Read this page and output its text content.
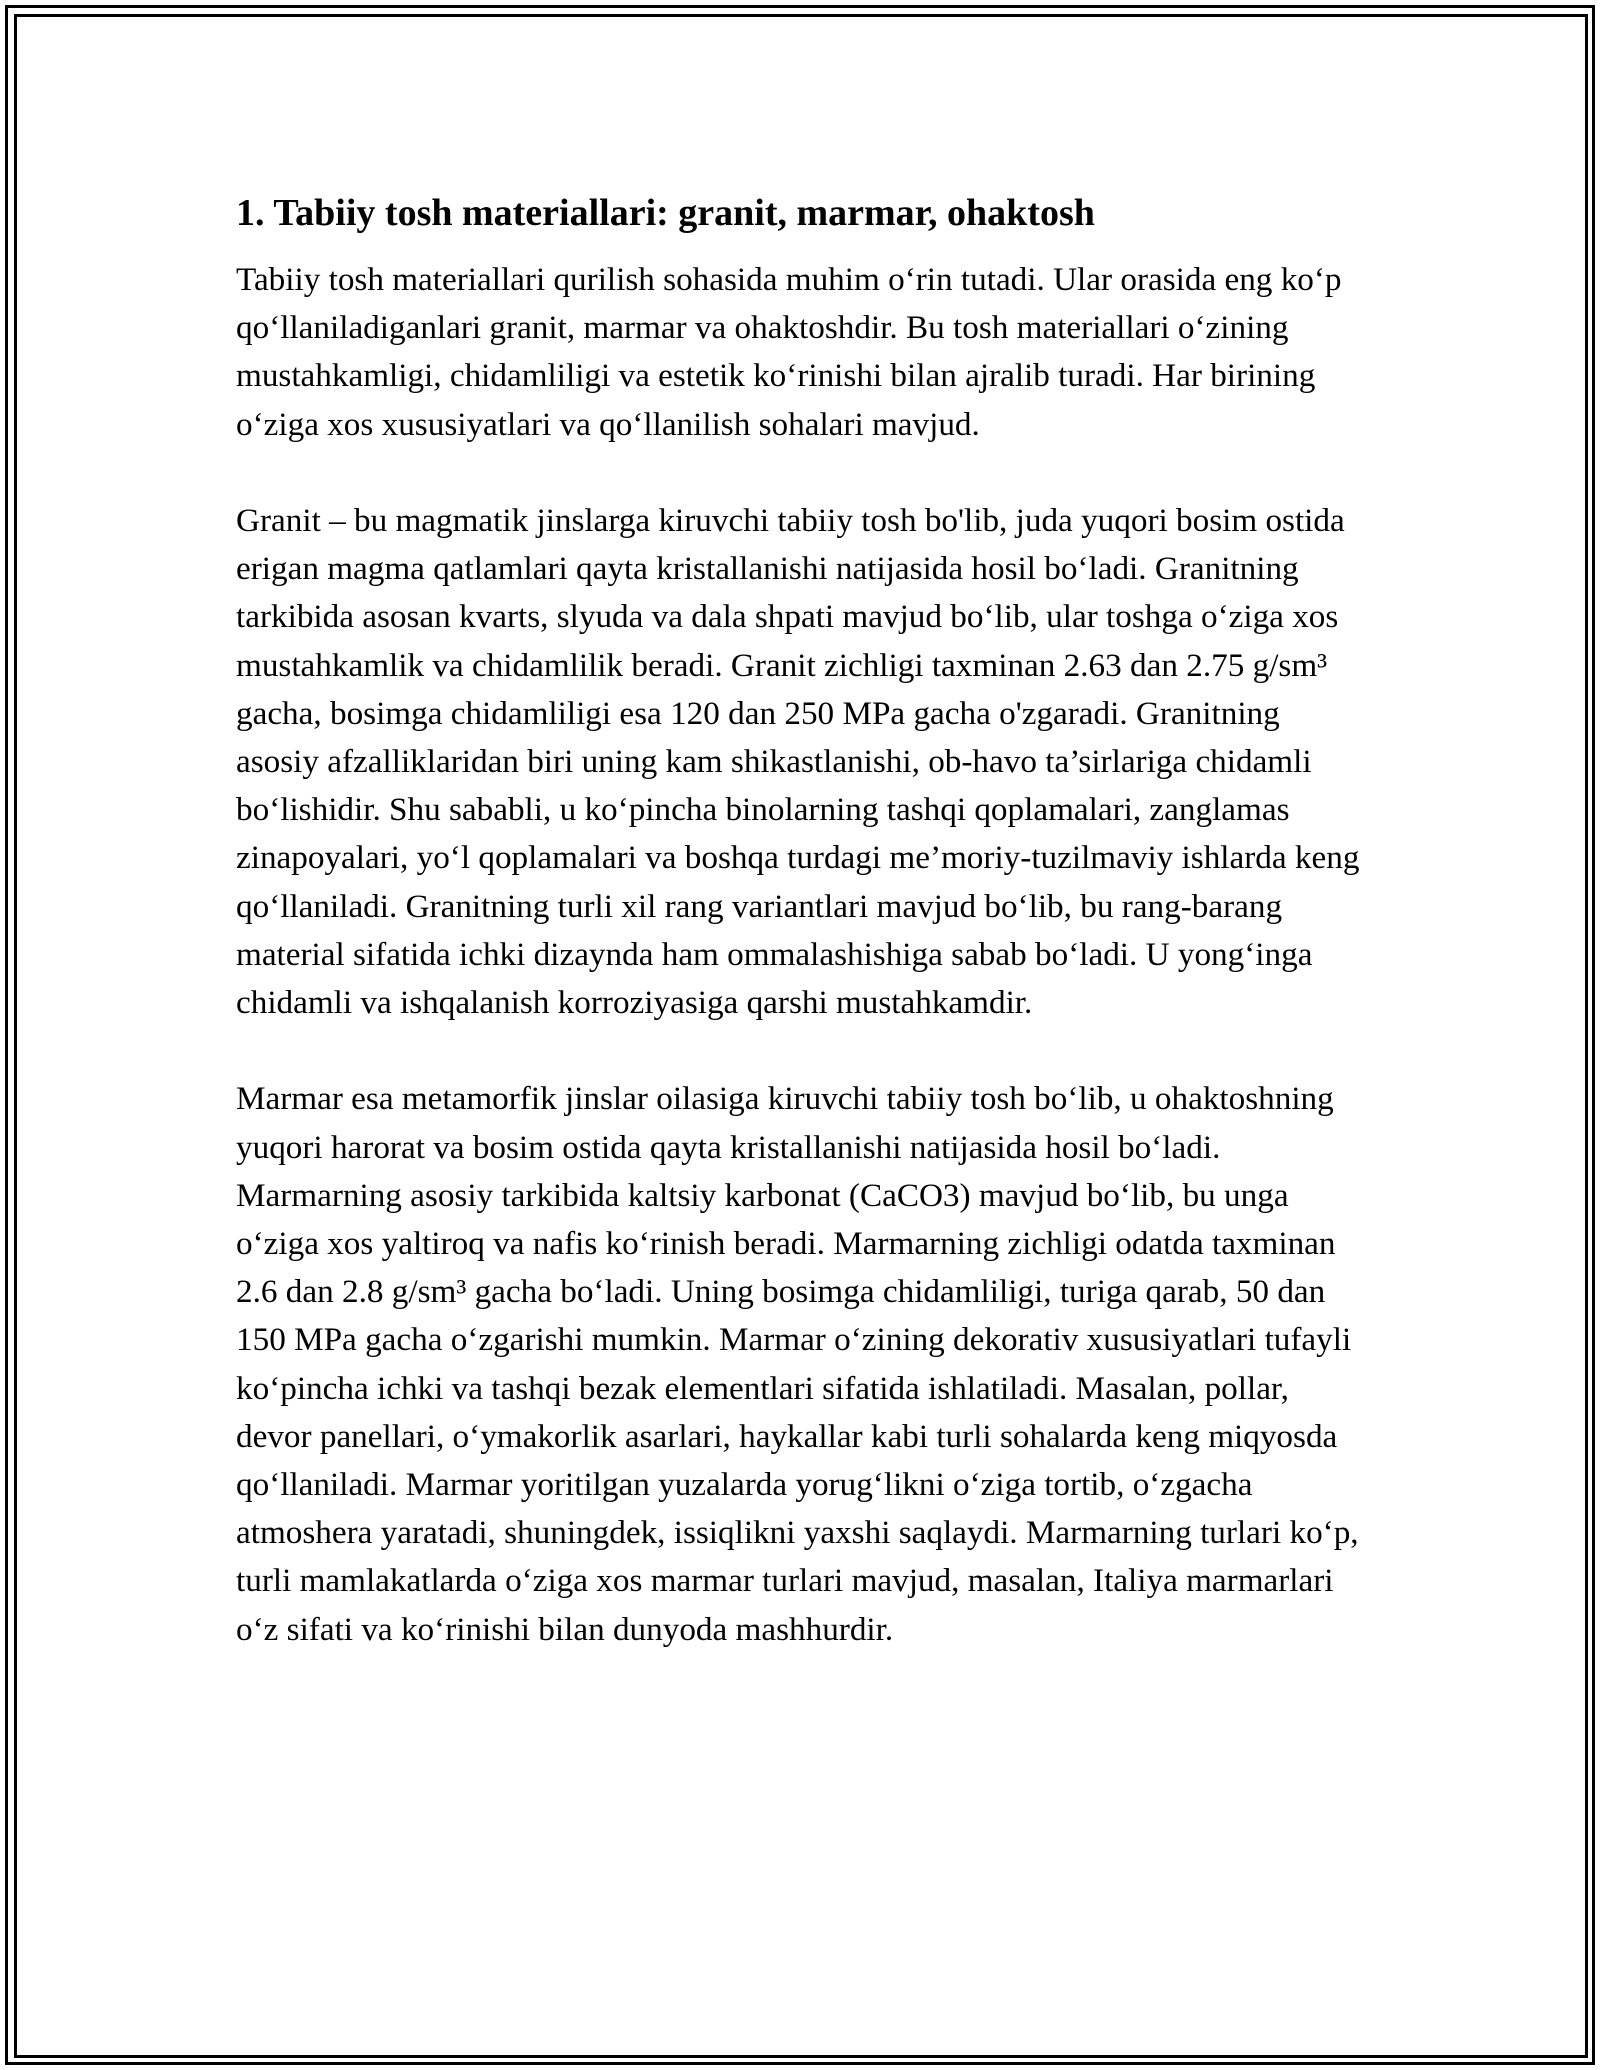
1. Tabiiy tosh materiallari: granit, marmar, ohaktosh

Tabiiy tosh materiallari qurilish sohasida muhim o‘rin tutadi. Ular orasida eng ko‘p qo‘llaniladiganlari granit, marmar va ohaktoshdir. Bu tosh materiallari o‘zining mustahkamligi, chidamliligi va estetik ko‘rinishi bilan ajralib turadi. Har birining o‘ziga xos xususiyatlari va qo‘llanilish sohalari mavjud.

Granit – bu magmatik jinslarga kiruvchi tabiiy tosh bo'lib, juda yuqori bosim ostida erigan magma qatlamlari qayta kristallanishi natijasida hosil bo‘ladi. Granitning tarkibida asosan kvarts, slyuda va dala shpati mavjud bo‘lib, ular toshga o‘ziga xos mustahkamlik va chidamlilik beradi. Granit zichligi taxminan 2.63 dan 2.75 g/sm³ gacha, bosimga chidamliligi esa 120 dan 250 MPa gacha o'zgaradi. Granitning asosiy afzalliklaridan biri uning kam shikastlanishi, ob-havo ta’sirlariga chidamli bo‘lishidir. Shu sababli, u ko‘pincha binolarning tashqi qoplamalari, zanglamas zinapoyalari, yo‘l qoplamalari va boshqa turdagi me’moriy-tuzilmaviy ishlarda keng qo‘llaniladi. Granitning turli xil rang variantlari mavjud bo‘lib, bu rang-barang material sifatida ichki dizaynda ham ommalashishiga sabab bo‘ladi. U yong‘inga chidamli va ishqalanish korroziyasiga qarshi mustahkamdir.

Marmar esa metamorfik jinslar oilasiga kiruvchi tabiiy tosh bo‘lib, u ohaktoshning yuqori harorat va bosim ostida qayta kristallanishi natijasida hosil bo‘ladi. Marmarning asosiy tarkibida kaltsiy karbonat (CaCO3) mavjud bo‘lib, bu unga o‘ziga xos yaltiroq va nafis ko‘rinish beradi. Marmarning zichligi odatda taxminan 2.6 dan 2.8 g/sm³ gacha bo‘ladi. Uning bosimga chidamliligi, turiga qarab, 50 dan 150 MPa gacha o‘zgarishi mumkin. Marmar o‘zining dekorativ xususiyatlari tufayli ko‘pincha ichki va tashqi bezak elementlari sifatida ishlatiladi. Masalan, pollar, devor panellari, o‘ymakorlik asarlari, haykallar kabi turli sohalarda keng miqyosda qo‘llaniladi. Marmar yoritilgan yuzalarda yorug‘likni o‘ziga tortib, o‘zgacha atmoshera yaratadi, shuningdek, issiqlikni yaxshi saqlaydi. Marmarning turlari ko‘p, turli mamlakatlarda o‘ziga xos marmar turlari mavjud, masalan, Italiya marmarlari o‘z sifati va ko‘rinishi bilan dunyoda mashhurdir.
